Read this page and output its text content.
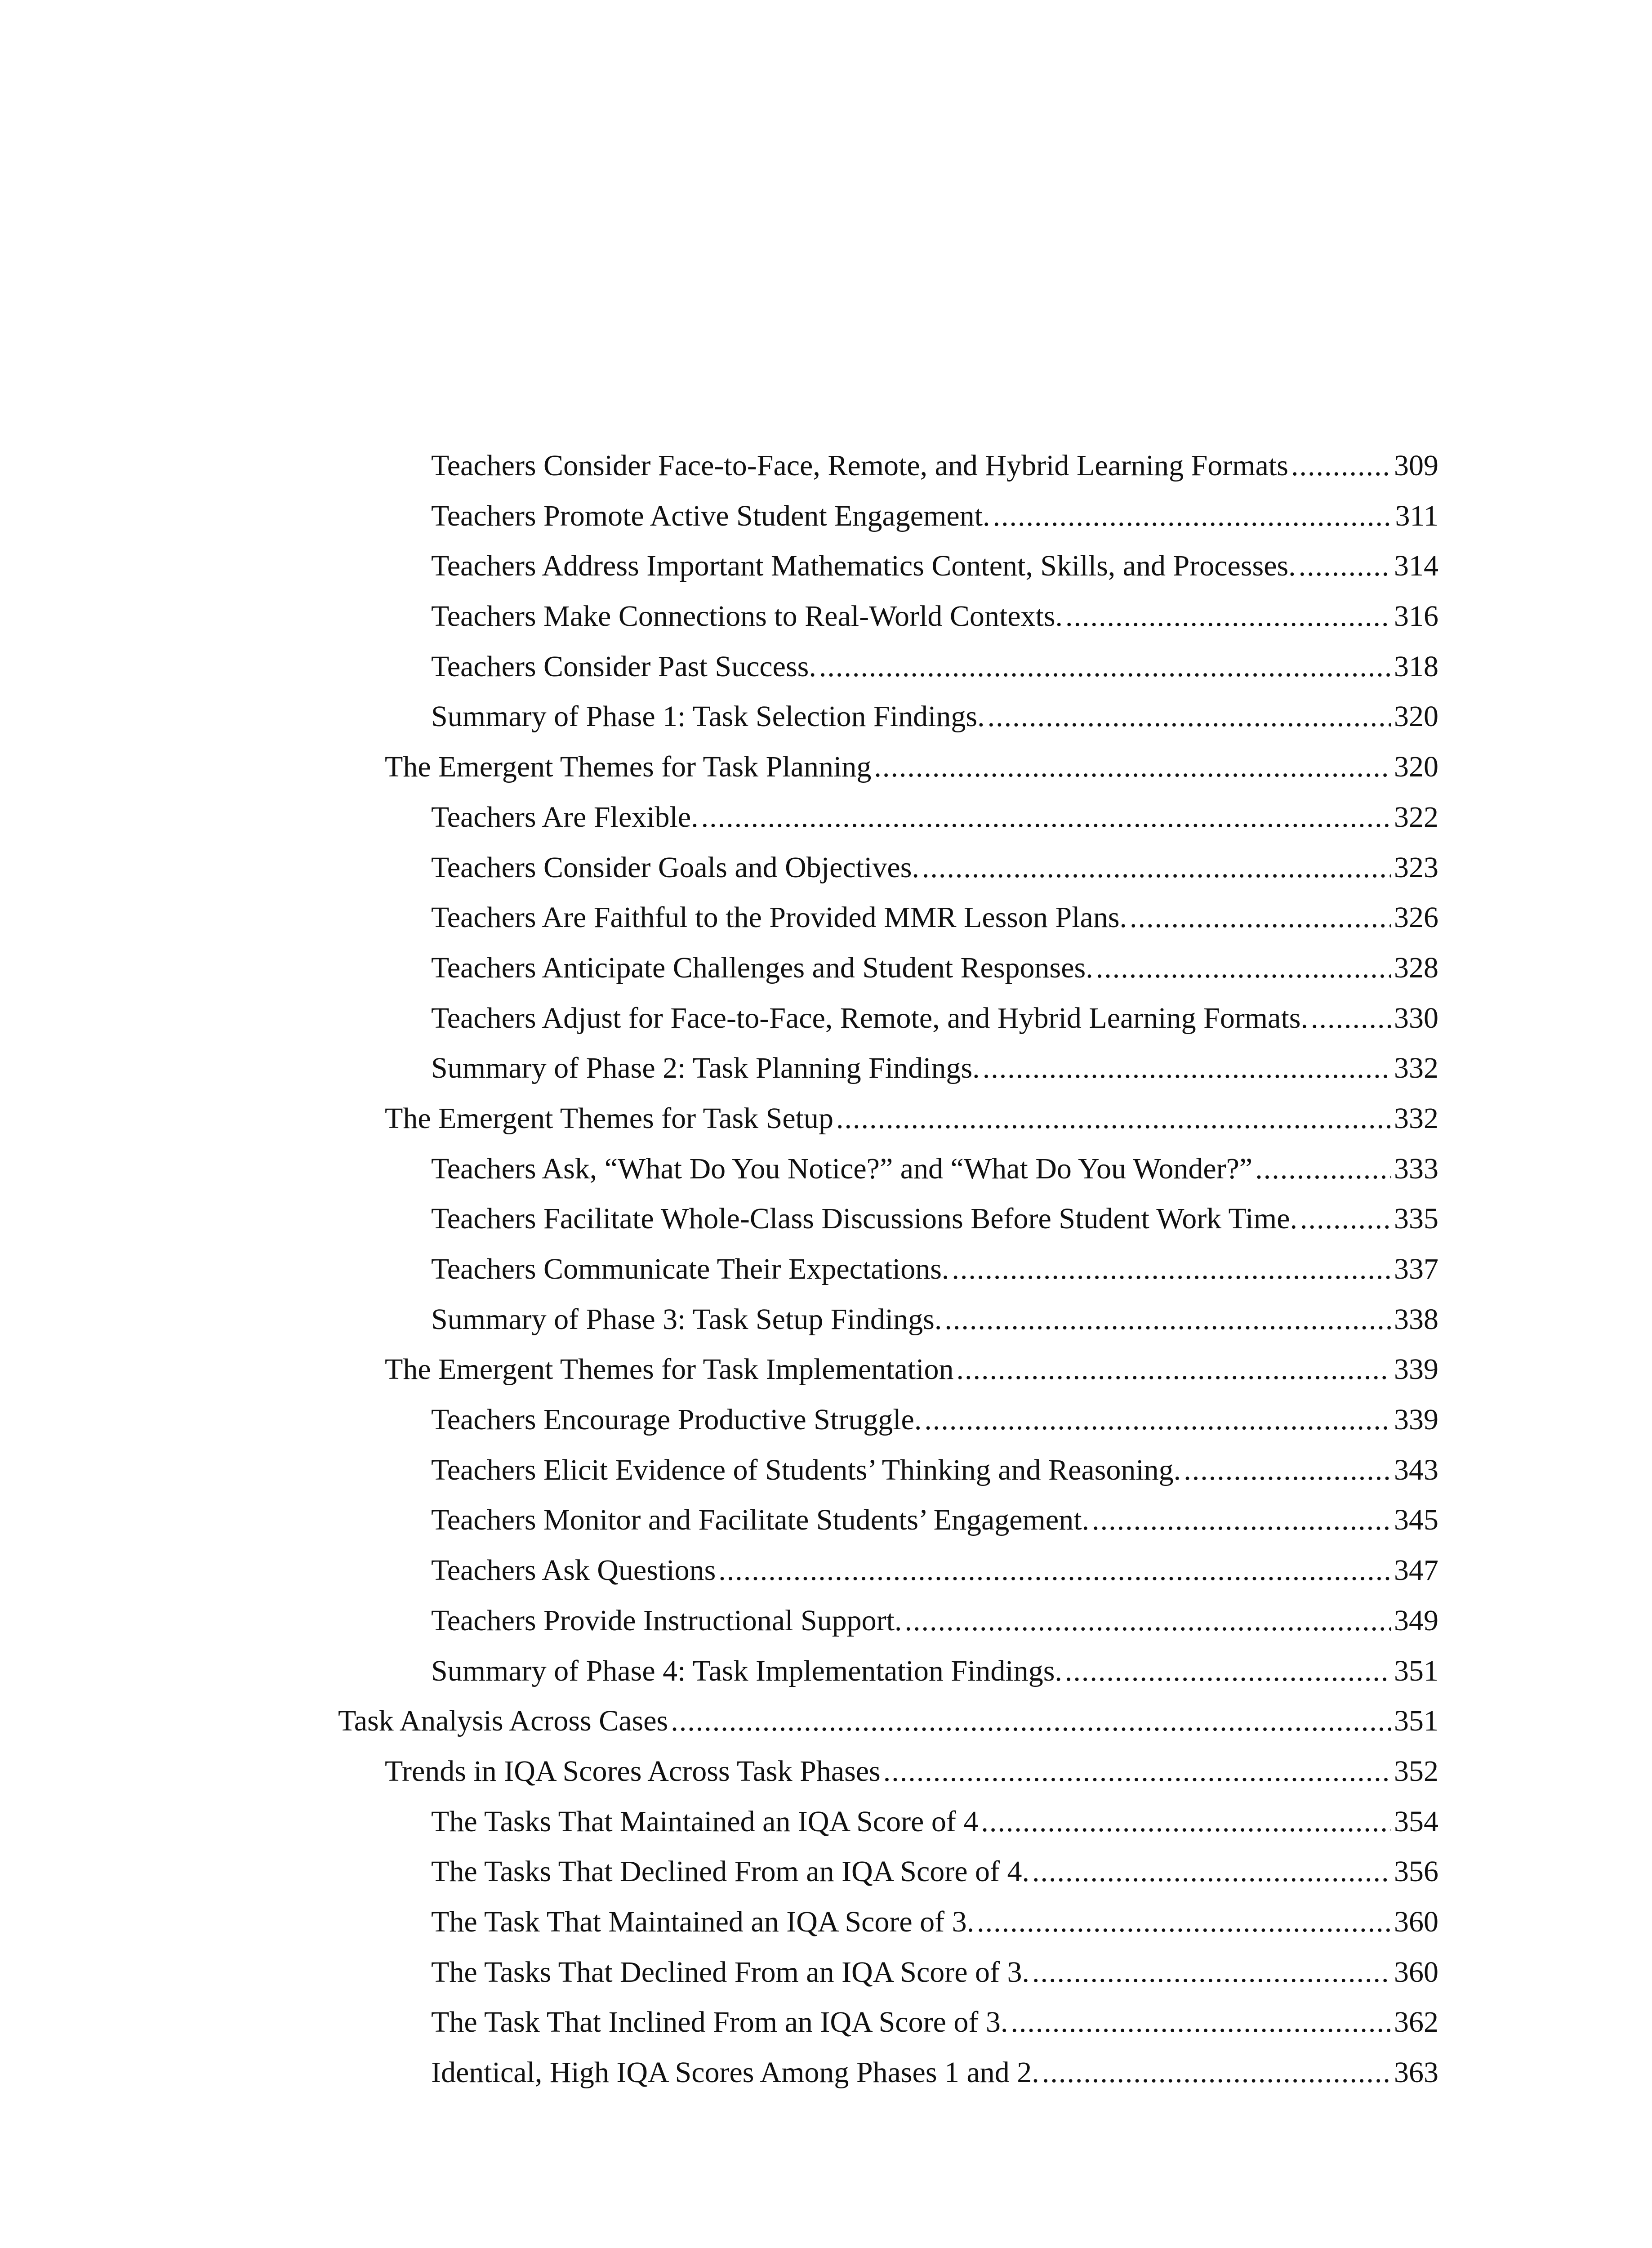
Teachers Consider Face-to-Face, Remote, and Hybrid Learning Formats .....	309
Teachers Promote Active Student Engagement. .....	311
Teachers Address Important Mathematics Content, Skills, and Processes. .....	314
Teachers Make Connections to Real-World Contexts. .....	316
Teachers Consider Past Success. .....	318
Summary of Phase 1: Task Selection Findings. .....	320
The Emergent Themes for Task Planning .....	320
Teachers Are Flexible. .....	322
Teachers Consider Goals and Objectives. .....	323
Teachers Are Faithful to the Provided MMR Lesson Plans. .....	326
Teachers Anticipate Challenges and Student Responses. .....	328
Teachers Adjust for Face-to-Face, Remote, and Hybrid Learning Formats. .....	330
Summary of Phase 2: Task Planning Findings. .....	332
The Emergent Themes for Task Setup .....	332
Teachers Ask, “What Do You Notice?” and “What Do You Wonder?” .....	333
Teachers Facilitate Whole-Class Discussions Before Student Work Time. .....	335
Teachers Communicate Their Expectations. .....	337
Summary of Phase 3: Task Setup Findings. .....	338
The Emergent Themes for Task Implementation .....	339
Teachers Encourage Productive Struggle. .....	339
Teachers Elicit Evidence of Students’ Thinking and Reasoning. .....	343
Teachers Monitor and Facilitate Students’ Engagement. .....	345
Teachers Ask Questions .....	347
Teachers Provide Instructional Support. .....	349
Summary of Phase 4: Task Implementation Findings. .....	351
Task Analysis Across Cases .....	351
Trends in IQA Scores Across Task Phases .....	352
The Tasks That Maintained an IQA Score of 4 .....	354
The Tasks That Declined From an IQA Score of 4. .....	356
The Task That Maintained an IQA Score of 3. .....	360
The Tasks That Declined From an IQA Score of 3. .....	360
The Task That Inclined From an IQA Score of 3. .....	362
Identical, High IQA Scores Among Phases 1 and 2. .....	363
